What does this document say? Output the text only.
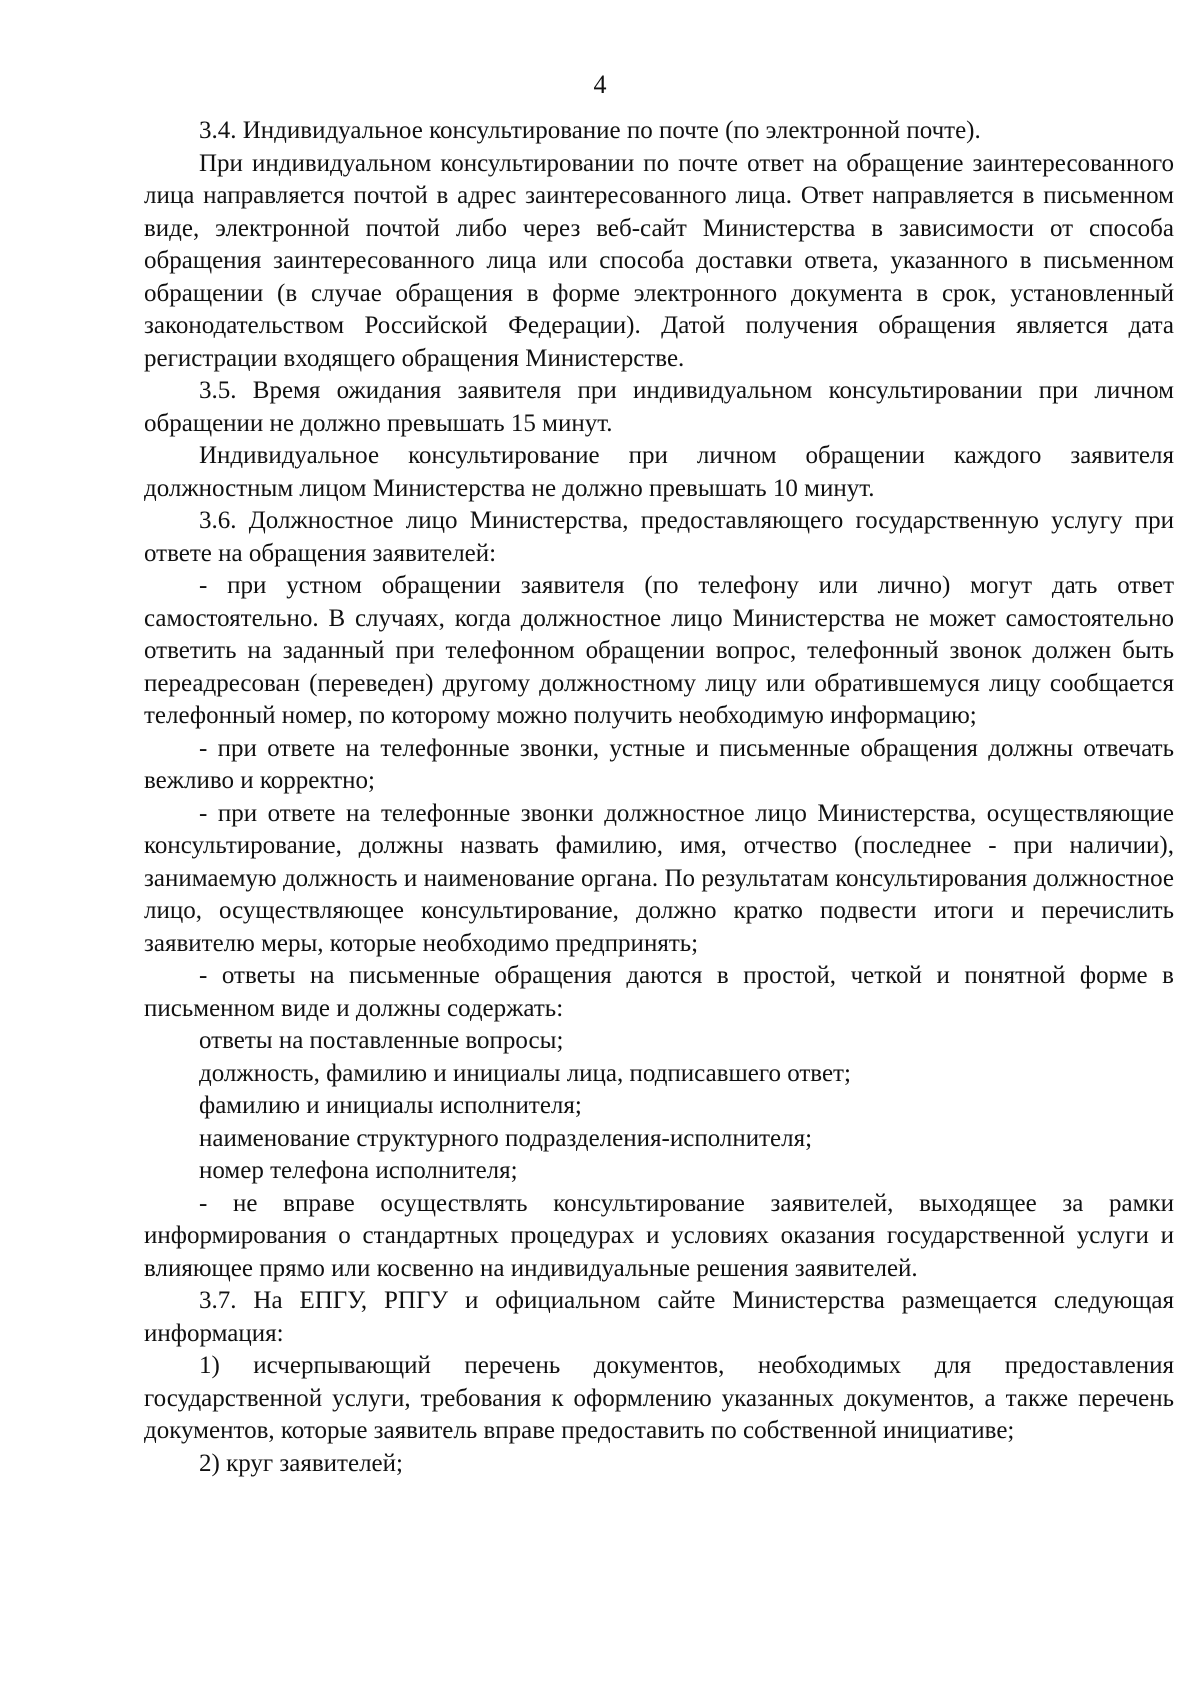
4

3.4. Индивидуальное консультирование по почте (по электронной почте).

При индивидуальном консультировании по почте ответ на обращение заинтересованного лица направляется почтой в адрес заинтересованного лица. Ответ направляется в письменном виде, электронной почтой либо через веб-сайт Министерства в зависимости от способа обращения заинтересованного лица или способа доставки ответа, указанного в письменном обращении (в случае обращения в форме электронного документа в срок, установленный законодательством Российской Федерации). Датой получения обращения является дата регистрации входящего обращения Министерстве.

3.5. Время ожидания заявителя при индивидуальном консультировании при личном обращении не должно превышать 15 минут.

Индивидуальное консультирование при личном обращении каждого заявителя должностным лицом Министерства не должно превышать 10 минут.

3.6. Должностное лицо Министерства, предоставляющего государственную услугу при ответе на обращения заявителей:

- при устном обращении заявителя (по телефону или лично) могут дать ответ самостоятельно. В случаях, когда должностное лицо Министерства не может самостоятельно ответить на заданный при телефонном обращении вопрос, телефонный звонок должен быть переадресован (переведен) другому должностному лицу или обратившемуся лицу сообщается телефонный номер, по которому можно получить необходимую информацию;

- при ответе на телефонные звонки, устные и письменные обращения должны отвечать вежливо и корректно;

- при ответе на телефонные звонки должностное лицо Министерства, осуществляющие консультирование, должны назвать фамилию, имя, отчество (последнее - при наличии), занимаемую должность и наименование органа. По результатам консультирования должностное лицо, осуществляющее консультирование, должно кратко подвести итоги и перечислить заявителю меры, которые необходимо предпринять;

- ответы на письменные обращения даются в простой, четкой и понятной форме в письменном виде и должны содержать:

ответы на поставленные вопросы;

должность, фамилию и инициалы лица, подписавшего ответ;

фамилию и инициалы исполнителя;

наименование структурного подразделения-исполнителя;

номер телефона исполнителя;

- не вправе осуществлять консультирование заявителей, выходящее за рамки информирования о стандартных процедурах и условиях оказания государственной услуги и влияющее прямо или косвенно на индивидуальные решения заявителей.

3.7. На ЕПГУ, РПГУ и официальном сайте Министерства размещается следующая информация:

1) исчерпывающий перечень документов, необходимых для предоставления государственной услуги, требования к оформлению указанных документов, а также перечень документов, которые заявитель вправе предоставить по собственной инициативе;

2) круг заявителей;
